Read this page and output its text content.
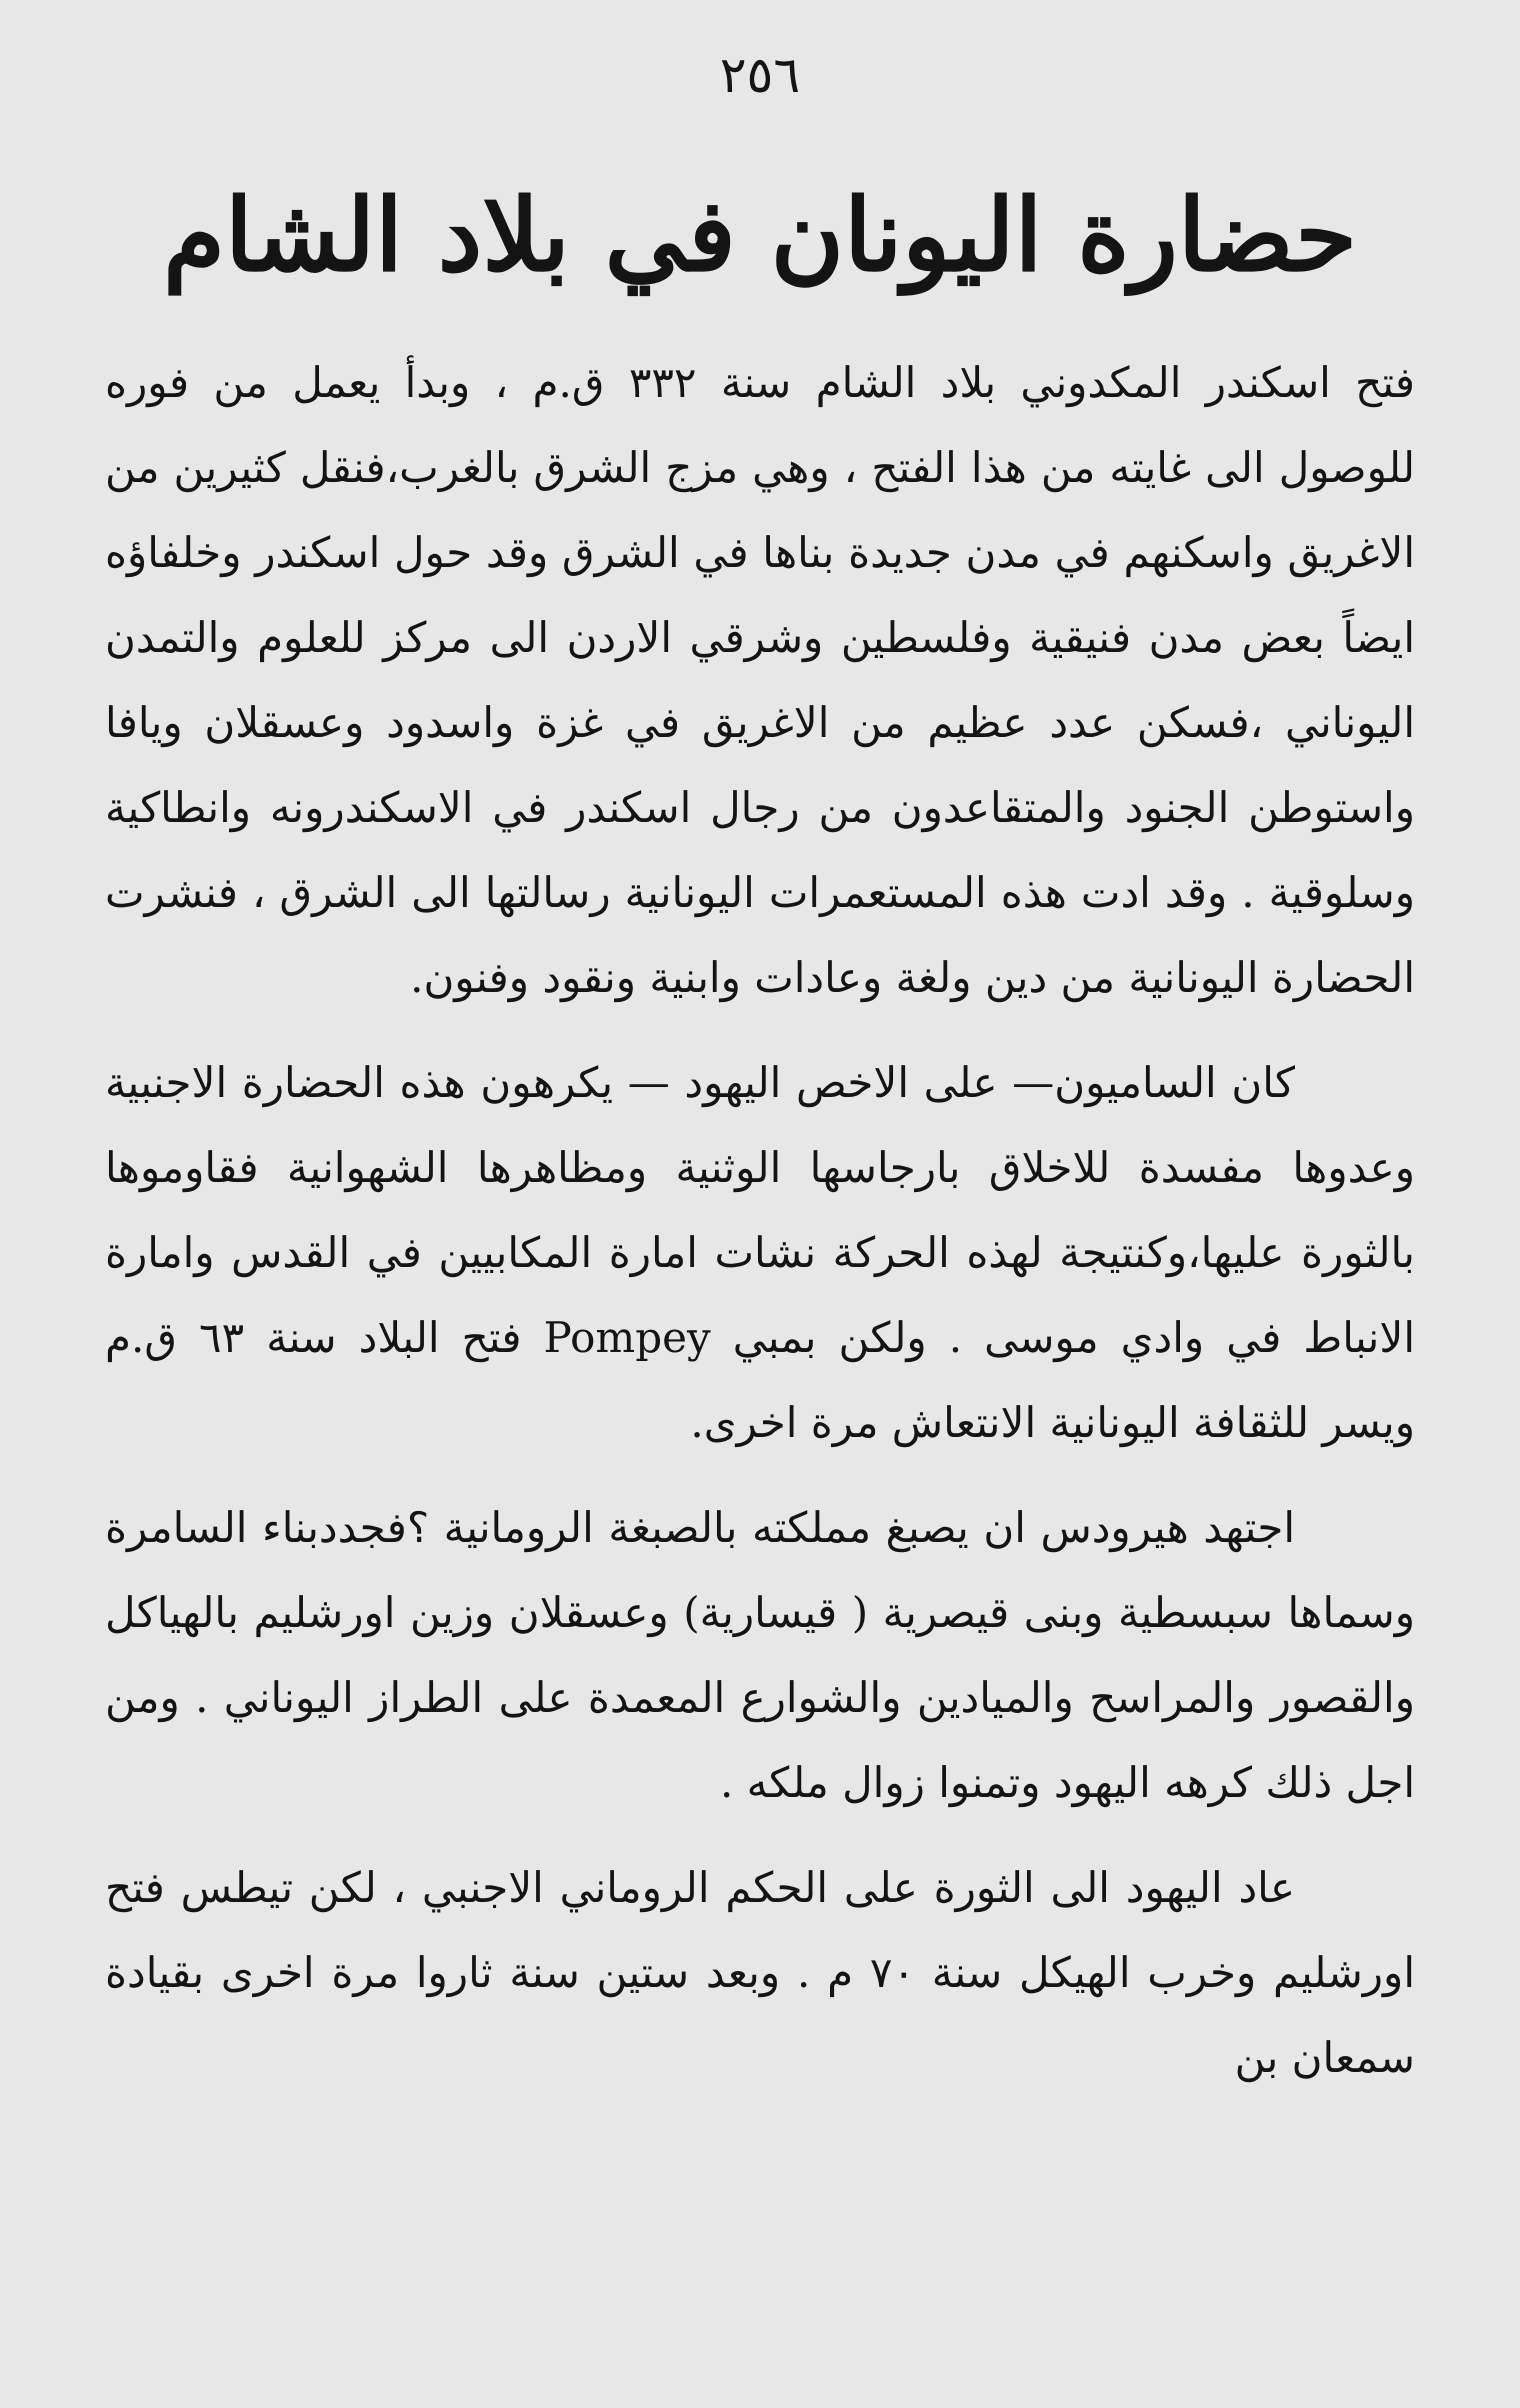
٢٥٦
حضارة اليونان في بلاد الشام

فتح اسكندر المكدوني بلاد الشام سنة ٣٣٢ ق.م ، وبدأ يعمل من فوره للوصول الى غايته من هذا الفتح ، وهي مزج الشرق بالغرب،فنقل كثيرين من الاغريق واسكنهم في مدن جديدة بناها في الشرق وقد حول اسكندر وخلفاؤه ايضاً بعض مدن فنيقية وفلسطين وشرقي الاردن الى مركز للعلوم والتمدن اليوناني ،فسكن عدد عظيم من الاغريق في غزة واسدود وعسقلان ويافا واستوطن الجنود والمتقاعدون من رجال اسكندر في الاسكندرونه وانطاكية وسلوقية . وقد ادت هذه المستعمرات اليونانية رسالتها الى الشرق ، فنشرت الحضارة اليونانية من دين ولغة وعادات وابنية ونقود وفنون.

كان الساميون— على الاخص اليهود — يكرهون هذه الحضارة الاجنبية وعدوها مفسدة للاخلاق بارجاسها الوثنية ومظاهرها الشهوانية فقاوموها بالثورة عليها،وكنتيجة لهذه الحركة نشات امارة المكابيين في القدس وامارة الانباط في وادي موسى . ولكن بمبي Pompey فتح البلاد سنة ٦٣ ق.م ويسر للثقافة اليونانية الانتعاش مرة اخرى.

اجتهد هيرودس ان يصبغ مملكته بالصبغة الرومانية ؟فجددبناء السامرة وسماها سبسطية وبنى قيصرية ( قيسارية) وعسقلان وزين اورشليم بالهياكل والقصور والمراسح والميادين والشوارع المعمدة على الطراز اليوناني . ومن اجل ذلك كرهه اليهود وتمنوا زوال ملكه .

عاد اليهود الى الثورة على الحكم الروماني الاجنبي ، لكن تيطس فتح اورشليم وخرب الهيكل سنة ٧٠ م . وبعد ستين سنة ثاروا مرة اخرى بقيادة سمعان بن
